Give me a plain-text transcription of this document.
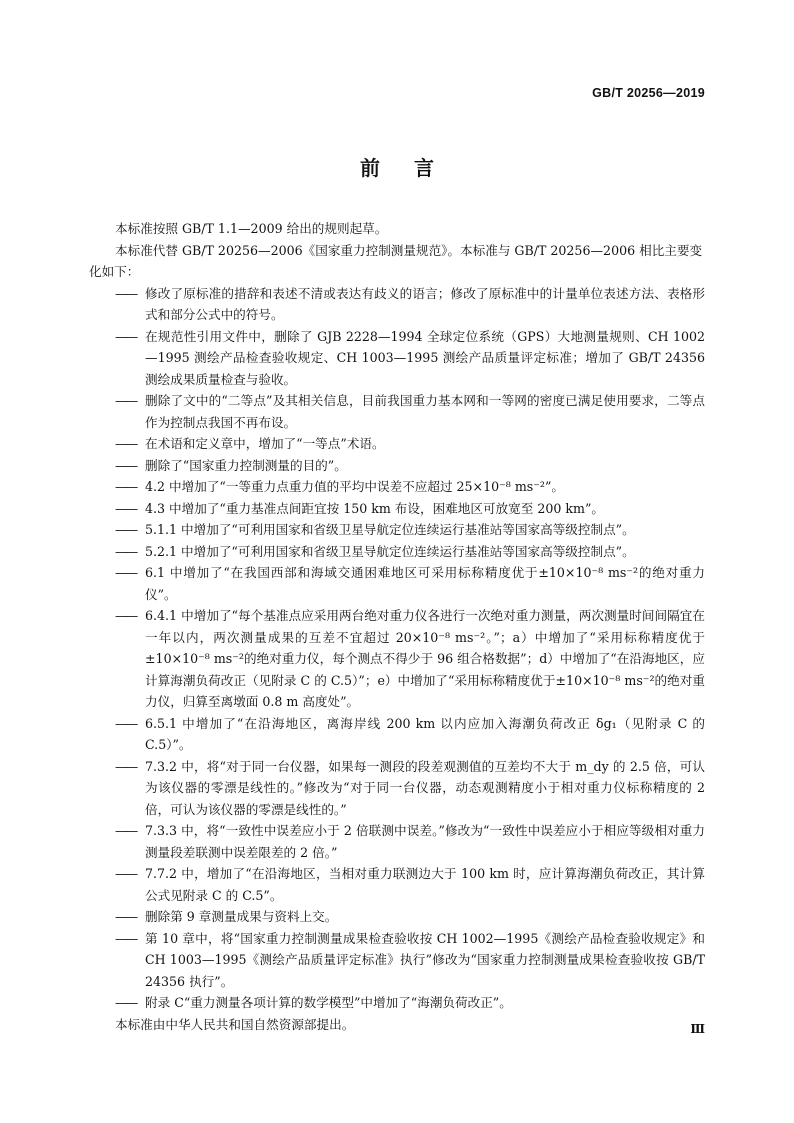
GB/T 20256—2019
前言

本标准按照 GB/T 1.1—2009 给出的规则起草。

本标准代替 GB/T 20256—2006《国家重力控制测量规范》。本标准与 GB/T 20256—2006 相比主要变化如下：

—— 修改了原标准的措辞和表述不清或表达有歧义的语言；修改了原标准中的计量单位表述方法、表格形式和部分公式中的符号。
—— 在规范性引用文件中，删除了 GJB 2228—1994 全球定位系统（GPS）大地测量规则、CH 1002—1995 测绘产品检查验收规定、CH 1003—1995 测绘产品质量评定标准；增加了 GB/T 24356 测绘成果质量检查与验收。
—— 删除了文中的“二等点”及其相关信息，目前我国重力基本网和一等网的密度已满足使用要求，二等点作为控制点我国不再布设。
—— 在术语和定义章中，增加了“一等点”术语。
—— 删除了“国家重力控制测量的目的”。
—— 4.2 中增加了“一等重力点重力值的平均中误差不应超过 25×10⁻⁸ ms⁻²”。
—— 4.3 中增加了“重力基准点间距宜按 150 km 布设，困难地区可放宽至 200 km”。
—— 5.1.1 中增加了“可利用国家和省级卫星导航定位连续运行基准站等国家高等级控制点”。
—— 5.2.1 中增加了“可利用国家和省级卫星导航定位连续运行基准站等国家高等级控制点”。
—— 6.1 中增加了“在我国西部和海域交通困难地区可采用标称精度优于±10×10⁻⁸ ms⁻²的绝对重力仪”。
—— 6.4.1 中增加了“每个基准点应采用两台绝对重力仪各进行一次绝对重力测量，两次测量时间间隔宜在一年以内，两次测量成果的互差不宜超过 20×10⁻⁸ ms⁻²。”；a）中增加了“采用标称精度优于±10×10⁻⁸ ms⁻²的绝对重力仪，每个测点不得少于 96 组合格数据”；d）中增加了“在沿海地区，应计算海潮负荷改正（见附录 C 的 C.5）”；e）中增加了“采用标称精度优于±10×10⁻⁸ ms⁻²的绝对重力仪，归算至离墩面 0.8 m 高度处”。
—— 6.5.1 中增加了“在沿海地区，离海岸线 200 km 以内应加入海潮负荷改正 δg₁（见附录 C 的 C.5）”。
—— 7.3.2 中，将“对于同一台仪器，如果每一测段的段差观测值的互差均不大于 m_dy 的 2.5 倍，可认为该仪器的零漂是线性的。”修改为“对于同一台仪器，动态观测精度小于相对重力仪标称精度的 2 倍，可认为该仪器的零漂是线性的。”
—— 7.3.3 中，将“一致性中误差应小于 2 倍联测中误差。”修改为“一致性中误差应小于相应等级相对重力测量段差联测中误差限差的 2 倍。”
—— 7.7.2 中，增加了“在沿海地区，当相对重力联测边大于 100 km 时，应计算海潮负荷改正，其计算公式见附录 C 的 C.5”。
—— 删除第 9 章测量成果与资料上交。
—— 第 10 章中，将“国家重力控制测量成果检查验收按 CH 1002—1995《测绘产品检查验收规定》和 CH 1003—1995《测绘产品质量评定标准》执行”修改为“国家重力控制测量成果检查验收按 GB/T 24356 执行”。
—— 附录 C“重力测量各项计算的数学模型”中增加了“海潮负荷改正”。

本标准由中华人民共和国自然资源部提出。	Ⅲ
